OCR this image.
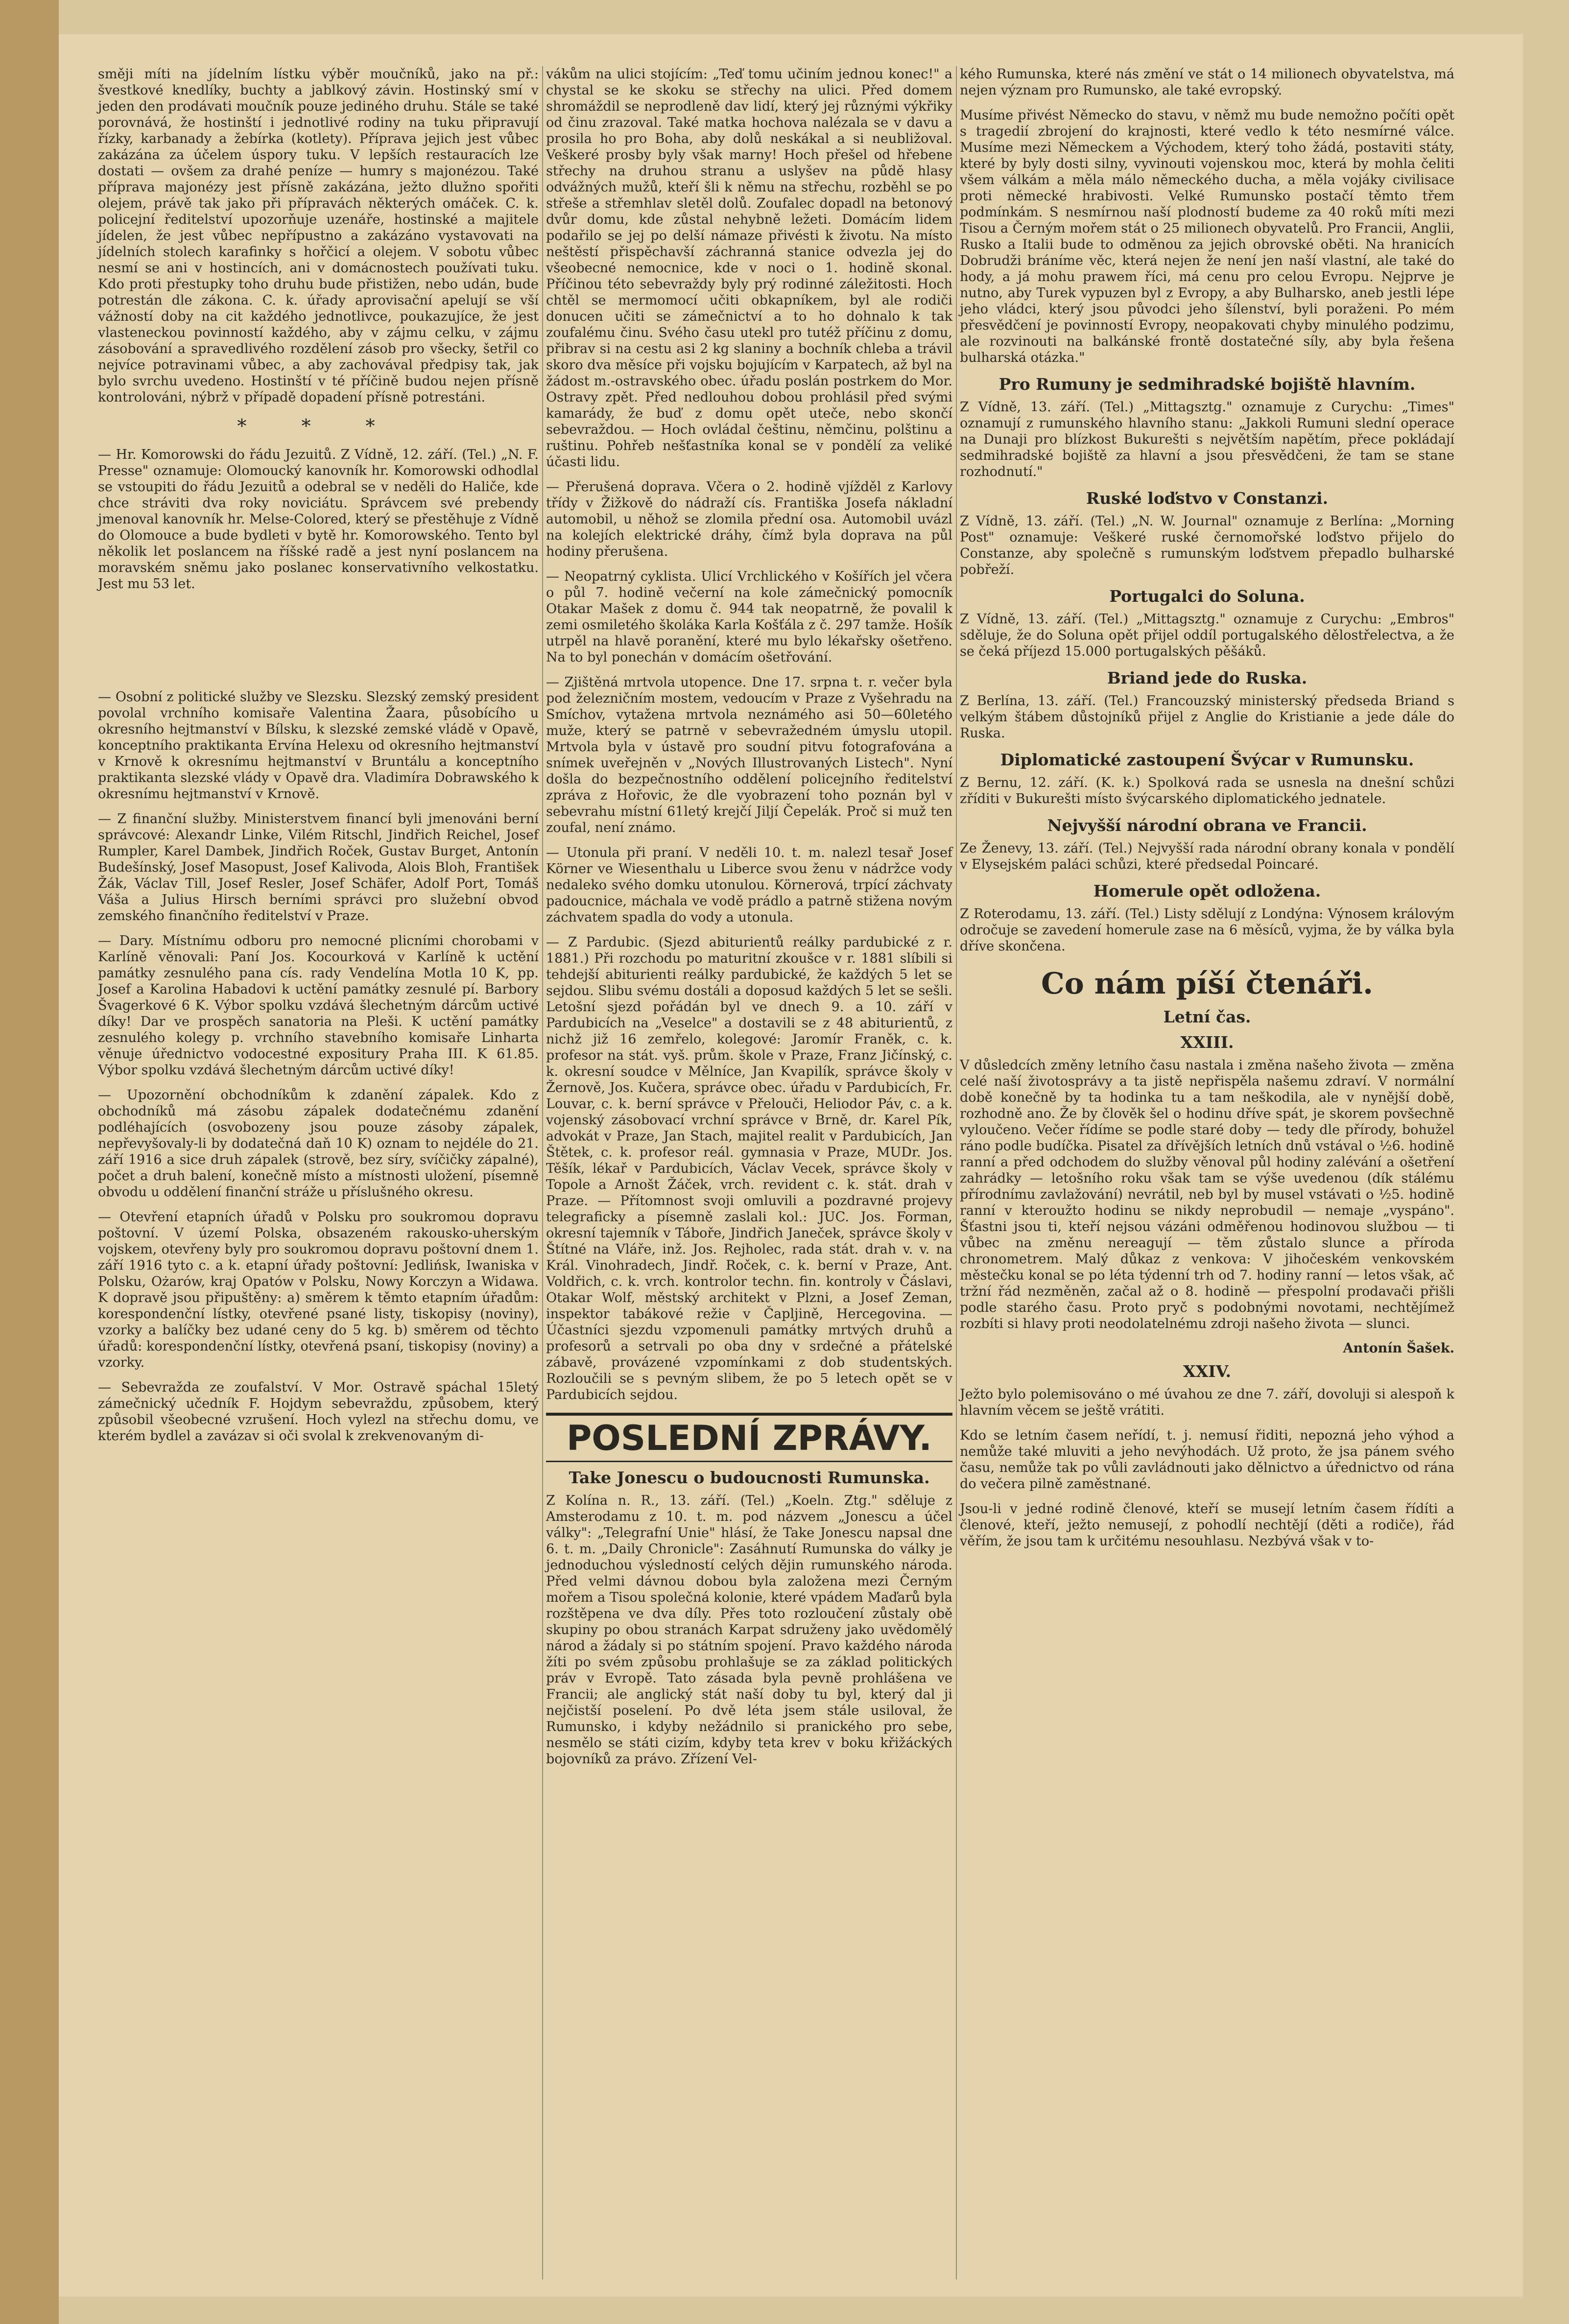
směji míti na jídelním lístku výběr moučníků, jako na př.: švestkové knedlíky, buchty a jablkový závin. Hostinský smí v jeden den prodávati moučník pouze jediného druhu. Stále se také porovnává, že hostinští i jednotlivé rodiny na tuku připravují řízky, karbanady a žebírka (kotlety). Příprava jejich jest vůbec zakázána za účelem úspory tuku. V lepších restauracích lze dostati — ovšem za drahé peníze — humry s majonézou. Také příprava majonézy jest přísně zakázána, ježto dlužno spořiti olejem, právě tak jako při přípravách některých omáček. C. k. policejní ředitelství upozorňuje uzenáře, hostinské a majitele jídelen, že jest vůbec nepřípustno a zakázáno vystavovati na jídelních stolech karafinky s hořčicí a olejem. V sobotu vůbec nesmí se ani v hostincích, ani v domácnostech používati tuku. Kdo proti přestupky toho druhu bude přistižen, nebo udán, bude potrestán dle zákona. C. k. úřady aprovisační apelují se vší vážností doby na cit každého jednotlivce, poukazujíce, že jest vlasteneckou povinností každého, aby v zájmu celku, v zájmu zásobování a spravedlivého rozdělení zásob pro všecky, šetřil co nejvíce potravinami vůbec, a aby zachovával předpisy tak, jak bylo svrchu uvedeno. Hostinští v té příčině budou nejen přísně kontrolováni, nýbrž v případě dopadení přísně potrestáni.

* * *

— Hr. Komorowski do řádu Jezuitů. Z Vídně, 12. září. (Tel.) „N. F. Presse" oznamuje: Olomoucký kanovník hr. Komorowski odhodlal se vstoupiti do řádu Jezuitů a odebral se v neděli do Haliče, kde chce stráviti dva roky noviciátu. Správcem své prebendy jmenoval kanovník hr. Melse-Colored, který se přestěhuje z Vídně do Olomouce a bude bydleti v bytě hr. Komorowského. Tento byl několik let poslancem na říšské radě a jest nyní poslancem na moravském sněmu jako poslanec konservativního velkostatku. Jest mu 53 let.

— Osobní z politické služby ve Slezsku. Slezský zemský president povolal vrchního komisaře Valentina Žaara, působícího u okresního hejtmanství v Bílsku, k slezské zemské vládě v Opavě, konceptního praktikanta Ervína Helexu od okresního hejtmanství v Krnově k okresnímu hejtmanství v Bruntálu a konceptního praktikanta slezské vlády v Opavě dra. Vladimíra Dobrawského k okresnímu hejtmanství v Krnově.

— Z finanční služby. Ministerstvem financí byli jmenováni berní správcové: Alexandr Linke, Vilém Ritschl, Jindřich Reichel, Josef Rumpler, Karel Dambek, Jindřich Roček, Gustav Burget, Antonín Budešínský, Josef Masopust, Josef Kalivoda, Alois Bloh, František Žák, Václav Till, Josef Resler, Josef Schäfer, Adolf Port, Tomáš Váša a Julius Hirsch berními správci pro služební obvod zemského finančního ředitelství v Praze.

— Dary. Místnímu odboru pro nemocné plicními chorobami v Karlíně věnovali: Paní Jos. Kocourková v Karlíně k uctění památky zesnulého pana cís. rady Vendelína Motla 10 K, pp. Josef a Karolina Habadovi k uctění památky zesnulé pí. Barbory Švagerkové 6 K. Výbor spolku vzdává šlechetným dárcům uctivé díky! Dar ve prospěch sanatoria na Pleši. K uctění památky zesnulého kolegy p. vrchního stavebního komisaře Linharta věnuje úřednictvo vodocestné expositury Praha III. K 61.85. Výbor spolku vzdává šlechetným dárcům uctivé díky!

— Upozornění obchodníkům k zdanění zápalek. Kdo z obchodníků má zásobu zápalek dodatečnému zdanění podléhajících (osvobozeny jsou pouze zásoby zápalek, nepřevyšovaly-li by dodatečná daň 10 K) oznam to nejdéle do 21. září 1916 a sice druh zápalek (strově, bez síry, svíčičky zápalné), počet a druh balení, konečně místo a místnosti uložení, písemně obvodu u oddělení finanční stráže u příslušného okresu.

— Otevření etapních úřadů v Polsku pro soukromou dopravu poštovní. V území Polska, obsazeném rakousko-uherským vojskem, otevřeny byly pro soukromou dopravu poštovní dnem 1. září 1916 tyto c. a k. etapní úřady poštovní: Jedlińsk, Iwaniska v Polsku, Ożarów, kraj Opatów v Polsku, Nowy Korczyn a Widawa. K dopravě jsou připuštěny: a) směrem k těmto etapním úřadům: korespondenční lístky, otevřené psané listy, tiskopisy (noviny), vzorky a balíčky bez udané ceny do 5 kg. b) směrem od těchto úřadů: korespondenční lístky, otevřená psaní, tiskopisy (noviny) a vzorky.

— Sebevražda ze zoufalství. V Mor. Ostravě spáchal 15letý zámečnický učedník F. Hojdym sebevraždu, způsobem, který způsobil všeobecné vzrušení. Hoch vylezl na střechu domu, ve kterém bydlel a zavázav si oči svolal k zrekvenovaným di-

vákům na ulici stojícím: „Teď tomu učiním jednou konec!" a chystal se ke skoku se střechy na ulici. Před domem shromáždil se neprodleně dav lidí, který jej různými výkřiky od činu zrazoval. Také matka hochova nalézala se v davu a prosila ho pro Boha, aby dolů neskákal a si neubližoval. Veškeré prosby byly však marny! Hoch přešel od hřebene střechy na druhou stranu a uslyšev na půdě hlasy odvážných mužů, kteří šli k němu na střechu, rozběhl se po střeše a střemhlav sletěl dolů. Zoufalec dopadl na betonový dvůr domu, kde zůstal nehybně ležeti. Domácím lidem podařilo se jej po delší námaze přivésti k životu. Na místo neštěstí přispěchavší záchranná stanice odvezla jej do všeobecné nemocnice, kde v noci o 1. hodině skonal. Příčinou této sebevraždy byly prý rodinné záležitosti. Hoch chtěl se mermomocí učiti obkapníkem, byl ale rodiči donucen učiti se zámečnictví a to ho dohnalo k tak zoufalému činu. Svého času utekl pro tutéž příčinu z domu, přibrav si na cestu asi 2 kg slaniny a bochník chleba a trávil skoro dva měsíce při vojsku bojujícím v Karpatech, až byl na žádost m.-ostravského obec. úřadu poslán postrkem do Mor. Ostravy zpět. Před nedlouhou dobou prohlásil před svými kamarády, že buď z domu opět uteče, nebo skončí sebevraždou. — Hoch ovládal češtinu, němčinu, polštinu a ruštinu. Pohřeb nešťastníka konal se v pondělí za veliké účasti lidu.

— Přerušená doprava. Včera o 2. hodině vjížděl z Karlovy třídy v Žižkově do nádraží cís. Františka Josefa nákladní automobil, u něhož se zlomila přední osa. Automobil uvázl na kolejích elektrické dráhy, čímž byla doprava na půl hodiny přerušena.

— Neopatrný cyklista. Ulicí Vrchlického v Košířích jel včera o půl 7. hodině večerní na kole zámečnický pomocník Otakar Mašek z domu č. 944 tak neopatrně, že povalil k zemi osmiletého školáka Karla Košťála z č. 297 tamže. Hošík utrpěl na hlavě poranění, které mu bylo lékařsky ošetřeno. Na to byl ponechán v domácím ošetřování.

— Zjištěná mrtvola utopence. Dne 17. srpna t. r. večer byla pod železničním mostem, vedoucím v Praze z Vyšehradu na Smíchov, vytažena mrtvola neznámého asi 50—60letého muže, který se patrně v sebevražedném úmyslu utopil. Mrtvola byla v ústavě pro soudní pitvu fotografována a snímek uveřejněn v „Nových Illustrovaných Listech". Nyní došla do bezpečnostního oddělení policejního ředitelství zpráva z Hořovic, že dle vyobrazení toho poznán byl v sebevrahu místní 61letý krejčí Jiljí Čepelák. Proč si muž ten zoufal, není známo.

— Utonula při praní. V neděli 10. t. m. nalezl tesař Josef Körner ve Wiesenthalu u Liberce svou ženu v nádržce vody nedaleko svého domku utonulou. Körnerová, trpící záchvaty padoucnice, máchala ve vodě prádlo a patrně stižena novým záchvatem spadla do vody a utonula.

— Z Pardubic. (Sjezd abiturientů reálky pardubické z r. 1881.) Při rozchodu po maturitní zkoušce v r. 1881 slíbili si tehdejší abiturienti reálky pardubické, že každých 5 let se sejdou. Slibu svému dostáli a doposud každých 5 let se sešli. Letošní sjezd pořádán byl ve dnech 9. a 10. září v Pardubicích na „Veselce" a dostavili se z 48 abiturientů, z nichž již 16 zemřelo, kolegové: Jaromír Franěk, c. k. profesor na stát. vyš. prům. škole v Praze, Franz Jičínský, c. k. okresní soudce v Mělníce, Jan Kvapilík, správce školy v Žernově, Jos. Kučera, správce obec. úřadu v Pardubicích, Fr. Louvar, c. k. berní správce v Přelouči, Heliodor Páv, c. a k. vojenský zásobovací vrchní správce v Brně, dr. Karel Pík, advokát v Praze, Jan Stach, majitel realit v Pardubicích, Jan Štětek, c. k. profesor reál. gymnasia v Praze, MUDr. Jos. Těšík, lékař v Pardubicích, Václav Vecek, správce školy v Topole a Arnošt Žáček, vrch. revident c. k. stát. drah v Praze. — Přítomnost svoji omluvili a pozdravné projevy telegraficky a písemně zaslali kol.: JUC. Jos. Forman, okresní tajemník v Táboře, Jindřich Janeček, správce školy v Štítné na Vláře, inž. Jos. Rejholec, rada stát. drah v. v. na Král. Vinohradech, Jindř. Roček, c. k. berní v Praze, Ant. Voldřich, c. k. vrch. kontrolor techn. fin. kontroly v Čáslavi, Otakar Wolf, městský architekt v Plzni, a Josef Zeman, inspektor tabákové režie v Čapljině, Hercegovina. — Účastníci sjezdu vzpomenuli památky mrtvých druhů a profesorů a setrvali po oba dny v srdečné a přátelské zábavě, provázené vzpomínkami z dob studentských. Rozloučili se s pevným slibem, že po 5 letech opět se v Pardubicích sejdou.

POSLEDNÍ ZPRÁVY.
Take Jonescu o budoucnosti Rumunska.

Z Kolína n. R., 13. září. (Tel.) „Koeln. Ztg." sděluje z Amsterodamu z 10. t. m. pod názvem „Jonescu a účel války": „Telegrafní Unie" hlásí, že Take Jonescu napsal dne 6. t. m. „Daily Chronicle": Zasáhnutí Rumunska do války je jednoduchou výsledností celých dějin rumunského národa. Před velmi dávnou dobou byla založena mezi Černým mořem a Tisou společná kolonie, které vpádem Maďarů byla rozštěpena ve dva díly. Přes toto rozloučení zůstaly obě skupiny po obou stranách Karpat sdruženy jako uvědomělý národ a žádaly si po státním spojení. Pravo každého národa žíti po svém způsobu prohlašuje se za základ politických práv v Evropě. Tato zásada byla pevně prohlášena ve Francii; ale anglický stát naší doby tu byl, který dal ji nejčistší poselení. Po dvě léta jsem stále usiloval, že Rumunsko, i kdyby nežádnilo si pranického pro sebe, nesmělo se státi cizím, kdyby teta krev v boku křižáckých bojovníků za právo. Zřízení Vel-

kého Rumunska, které nás změní ve stát o 14 milionech obyvatelstva, má nejen význam pro Rumunsko, ale také evropský.

Musíme přivést Německo do stavu, v němž mu bude nemožno počíti opět s tragedií zbrojení do krajnosti, které vedlo k této nesmírné válce. Musíme mezi Německem a Východem, který toho žádá, postaviti státy, které by byly dosti silny, vyvinouti vojenskou moc, která by mohla čeliti všem válkám a měla málo německého ducha, a měla vojáky civilisace proti německé hrabivosti. Velké Rumunsko postačí těmto třem podmínkám. S nesmírnou naší plodností budeme za 40 roků míti mezi Tisou a Černým mořem stát o 25 milionech obyvatelů. Pro Francii, Anglii, Rusko a Italii bude to odměnou za jejich obrovské oběti. Na hranicích Dobrudži bráníme věc, která nejen že není jen naší vlastní, ale také do hody, a já mohu prawem říci, má cenu pro celou Evropu. Nejprve je nutno, aby Turek vypuzen byl z Evropy, a aby Bulharsko, aneb jestli lépe jeho vládci, který jsou původci jeho šílenství, byli poraženi. Po mém přesvědčení je povinností Evropy, neopakovati chyby minulého podzimu, ale rozvinouti na balkánské frontě dostatečné síly, aby byla řešena bulharská otázka."

Pro Rumuny je sedmihradské bojiště hlavním.

Z Vídně, 13. září. (Tel.) „Mittagsztg." oznamuje z Curychu: „Times" oznamují z rumunského hlavního stanu: „Jakkoli Rumuni slední operace na Dunaji pro blízkost Bukurešti s největším napětím, přece pokládají sedmihradské bojiště za hlavní a jsou přesvědčeni, že tam se stane rozhodnutí."

Ruské loďstvo v Constanzi.

Z Vídně, 13. září. (Tel.) „N. W. Journal" oznamuje z Berlína: „Morning Post" oznamuje: Veškeré ruské černomořské loďstvo přijelo do Constanze, aby společně s rumunským loďstvem přepadlo bulharské pobřeží.

Portugalci do Soluna.

Z Vídně, 13. září. (Tel.) „Mittagsztg." oznamuje z Curychu: „Embros" sděluje, že do Soluna opět přijel oddíl portugalského dělostřelectva, a že se čeká příjezd 15.000 portugalských pěšáků.

Briand jede do Ruska.

Z Berlína, 13. září. (Tel.) Francouzský ministerský předseda Briand s velkým štábem důstojníků přijel z Anglie do Kristianie a jede dále do Ruska.

Diplomatické zastoupení Švýcar v Rumunsku.

Z Bernu, 12. září. (K. k.) Spolková rada se usnesla na dnešní schůzi zříditi v Bukurešti místo švýcarského diplomatického jednatele.

Nejvyšší národní obrana ve Francii.

Ze Ženevy, 13. září. (Tel.) Nejvyšší rada národní obrany konala v pondělí v Elysejském paláci schůzi, které předsedal Poincaré.

Homerule opět odložena.

Z Roterodamu, 13. září. (Tel.) Listy sdělují z Londýna: Výnosem královým odročuje se zavedení homerule zase na 6 měsíců, vyjma, že by válka byla dříve skončena.

Co nám píší čtenáři.
Letní čas.
XXIII.

V důsledcích změny letního času nastala i změna našeho života — změna celé naší životosprávy a ta jistě nepřispěla našemu zdraví. V normální době konečně by ta hodinka tu a tam neškodila, ale v nynější době, rozhodně ano. Že by člověk šel o hodinu dříve spát, je skorem povšechně vyloučeno. Večer řídíme se podle staré doby — tedy dle přírody, bohužel ráno podle budíčka. Pisatel za dřívějších letních dnů vstával o ½6. hodině ranní a před odchodem do služby věnoval půl hodiny zalévání a ošetření zahrádky — letošního roku však tam se výše uvedenou (dík stálému přírodnímu zavlažování) nevrátil, neb byl by musel vstávati o ½5. hodině ranní v kteroužto hodinu se nikdy neprobudil — nemaje „vyspáno". Šťastni jsou ti, kteří nejsou vázáni odměřenou hodinovou službou — ti vůbec na změnu nereagují — těm zůstalo slunce a příroda chronometrem. Malý důkaz z venkova: V jihočeském venkovském městečku konal se po léta týdenní trh od 7. hodiny ranní — letos však, ač tržní řád nezměněn, začal až o 8. hodině — přespolní prodavači přišli podle starého času. Proto pryč s podobnými novotami, nechtějímež rozbíti si hlavy proti neodolatelnému zdroji našeho života — slunci.

Antonín Šašek.
XXIV.

Ježto bylo polemisováno o mé úvahou ze dne 7. září, dovoluji si alespoň k hlavním věcem se ještě vrátiti.

Kdo se letním časem neřídí, t. j. nemusí řiditi, nepozná jeho výhod a nemůže také mluviti a jeho nevýhodách. Už proto, že jsa pánem svého času, nemůže tak po vůli zavládnouti jako dělnictvo a úřednictvo od rána do večera pilně zaměstnané.

Jsou-li v jedné rodině členové, kteří se musejí letním časem řídíti a členové, kteří, ježto nemusejí, z pohodlí nechtějí (děti a rodiče), řád věřím, že jsou tam k určitému nesouhlasu. Nezbývá však v to-
